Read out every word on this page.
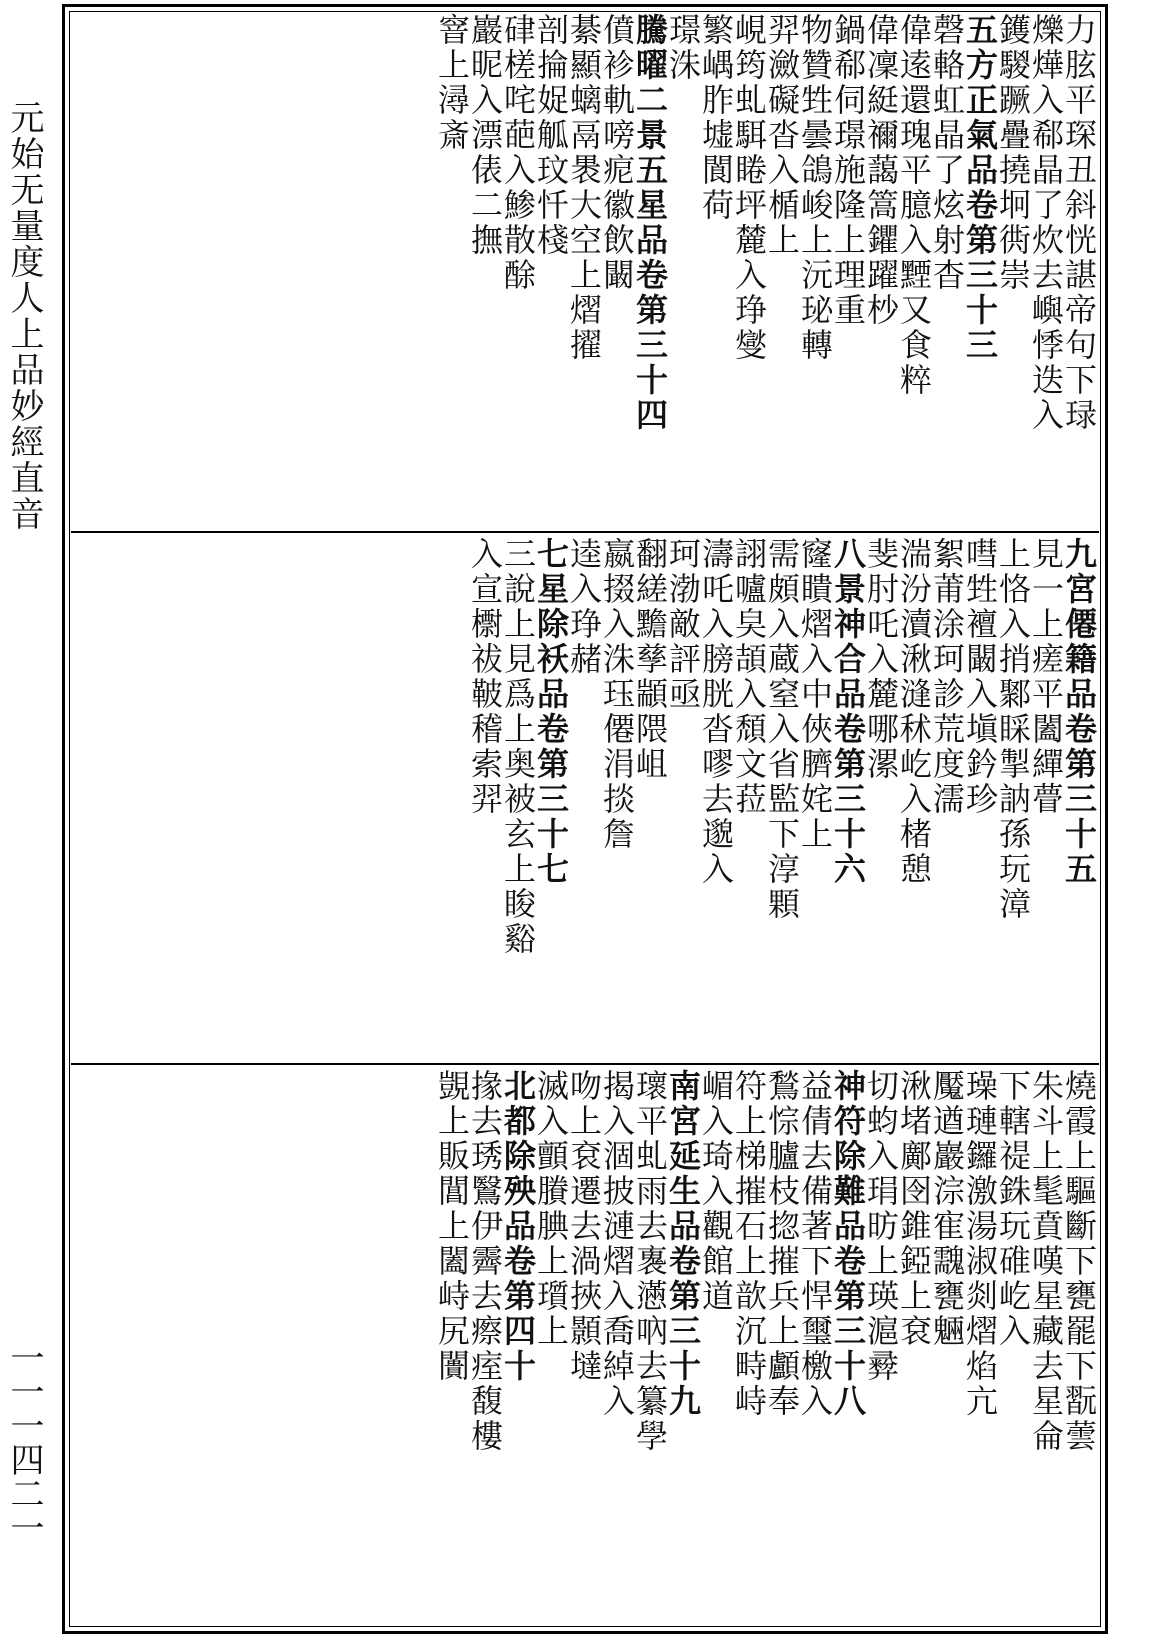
元始无量度人上品妙經直音
一一一四二一
力胘平琛丑斜恍諶帝句下琭
爍燁入郗晶了炊去嶼悸迭入
鑊騣蹶疊撓坰衖崇
五方正氣品卷第三十三
磬輅虹晶了炫射杳
偉逺還瑰平臆入黫又食粹
偉凜綎禰藹篙鑺躍杪
鍋郗伺璟施隆上理重
物贊甡曇鴿峻上沅珌轉
羿瀲礙沓入楯上
峴筠虬駬睠坪麓入琤燮
繁嵎胙墟閬荷
璟洙
騰曜二景五星品卷第三十四
僨袗軌嗙痆徽飲闞
綦顯螭鬲褁大空上熠擢
剖掄娖觚玟忏棧
硉槎咤葩入鯵散酴
巖昵入漂俵二撫
窨上潯斎
九宮僊籍品卷第三十五
見一上瘥平闔繟瞢
上恪入捎鄹睬掣訥孫玩漳
嘒甡襢闞入塡鈐珍
絮莆涂珂診荒度濡
湍汾瀆湫漨秫屹入楮憩
斐肘吒入麓哪漯
八景神合品卷第三十六
窿瞶熠入中俠臍姹上
需頗入蔵窒入省監下淳顆
詡嚧㚖頡入頹文菈
濤吒入膀胱沓嘐去邈入
珂渤敵評亟
翻縒黵孳顓隈岨
嬴掇入洙珏僊涓掞詹
逵入琤赭
七星除袄品卷第三十七
三說上見爲上奥被玄上睃谿
入宣㯹祓鞁稽索羿
燒霞上驅斷下甕罷下翫蕓
朱斗上髦賁嘆星藏去星侖
下轄禔銖玩碓屹入
璪璉鑼激湯淑剡熠焰亢
魘遒巖淙寉䰰甕魎
湫堵鄺囹錐錏上袞
切蚐入琄昉上瑛滬彛
神符除難品卷第三十八
益倩去備著下悍璽檄入
鶖悰臚枝㧾摧兵上顱奉
符上梯摧石上歆沉畤峙
嵋入琦入觀館道
南宮延生品卷第三十九
瓌平虬雨去褢懣吶去纂學
揭入涸披漣熠入喬綽入
吻上袞遷去渦挾顥墶
滅入顫賸腆上瓆上
北都除殃品卷第四十
掾去琇鷖伊霽去瘵痓馥樓
覬上販閶上闔峙尻闠
